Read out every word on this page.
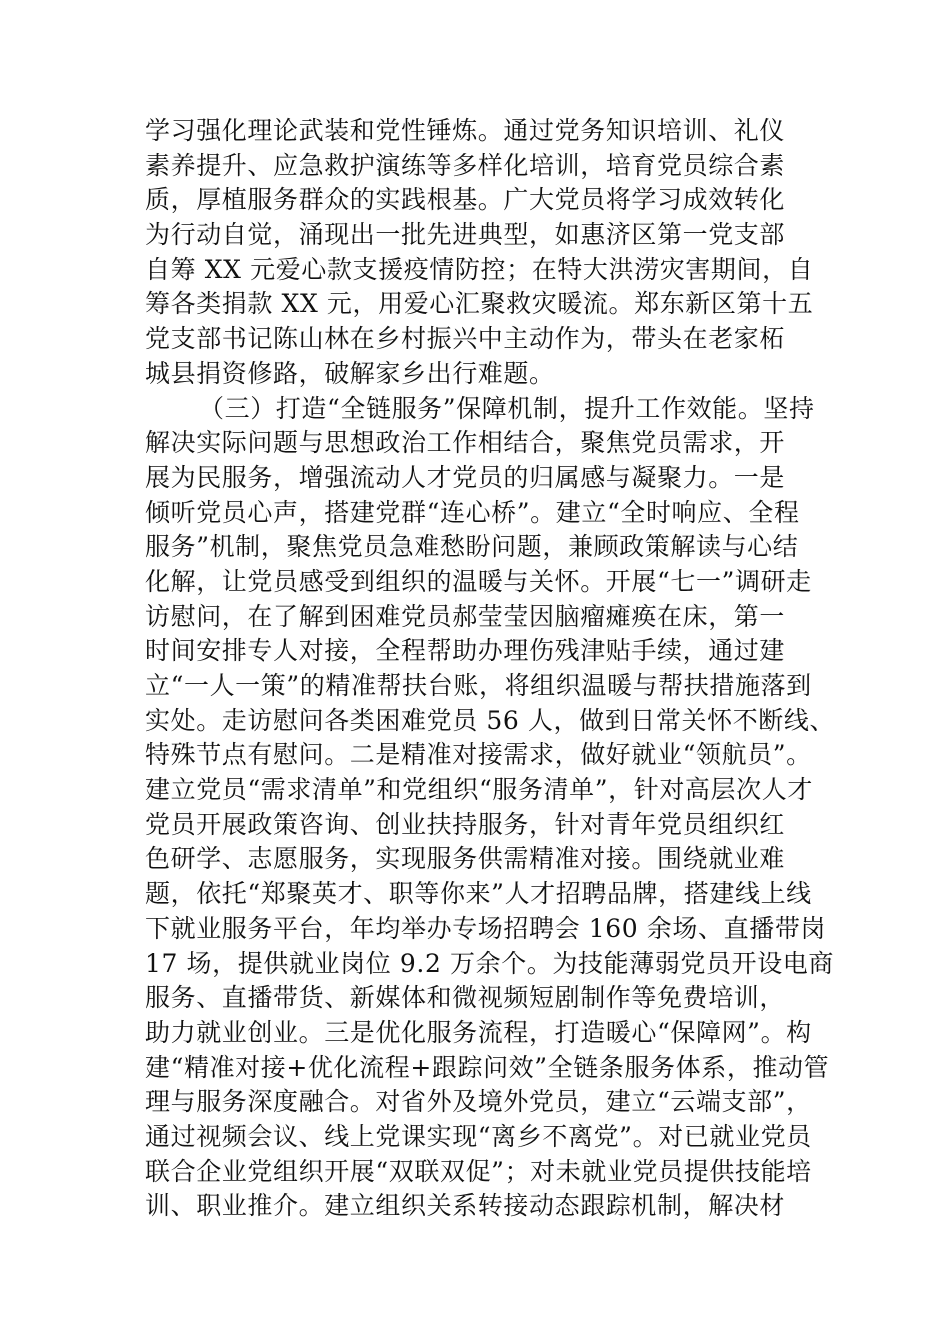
学习强化理论武装和党性锤炼。通过党务知识培训、礼仪
素养提升、应急救护演练等多样化培训，培育党员综合素
质，厚植服务群众的实践根基。广大党员将学习成效转化
为行动自觉，涌现出一批先进典型，如惠济区第一党支部
自筹 XX 元爱心款支援疫情防控；在特大洪涝灾害期间，自
筹各类捐款 XX 元，用爱心汇聚救灾暖流。郑东新区第十五
党支部书记陈山林在乡村振兴中主动作为，带头在老家柘
城县捐资修路，破解家乡出行难题。
（三）打造“全链服务”保障机制，提升工作效能。坚持
解决实际问题与思想政治工作相结合，聚焦党员需求，开
展为民服务，增强流动人才党员的归属感与凝聚力。一是
倾听党员心声，搭建党群“连心桥”。建立“全时响应、全程
服务”机制，聚焦党员急难愁盼问题，兼顾政策解读与心结
化解，让党员感受到组织的温暖与关怀。开展“七一”调研走
访慰问，在了解到困难党员郝莹莹因脑瘤瘫痪在床，第一
时间安排专人对接，全程帮助办理伤残津贴手续，通过建
立“一人一策”的精准帮扶台账，将组织温暖与帮扶措施落到
实处。走访慰问各类困难党员 56 人，做到日常关怀不断线、
特殊节点有慰问。二是精准对接需求，做好就业“领航员”。
建立党员“需求清单”和党组织“服务清单”，针对高层次人才
党员开展政策咨询、创业扶持服务，针对青年党员组织红
色研学、志愿服务，实现服务供需精准对接。围绕就业难
题，依托“郑聚英才、职等你来”人才招聘品牌，搭建线上线
下就业服务平台，年均举办专场招聘会 160 余场、直播带岗
17 场，提供就业岗位 9.2 万余个。为技能薄弱党员开设电商
服务、直播带货、新媒体和微视频短剧制作等免费培训，
助力就业创业。三是优化服务流程，打造暖心“保障网”。构
建“精准对接+优化流程+跟踪问效”全链条服务体系，推动管
理与服务深度融合。对省外及境外党员，建立“云端支部”，
通过视频会议、线上党课实现“离乡不离党”。对已就业党员
联合企业党组织开展“双联双促”；对未就业党员提供技能培
训、职业推介。建立组织关系转接动态跟踪机制，解决材
